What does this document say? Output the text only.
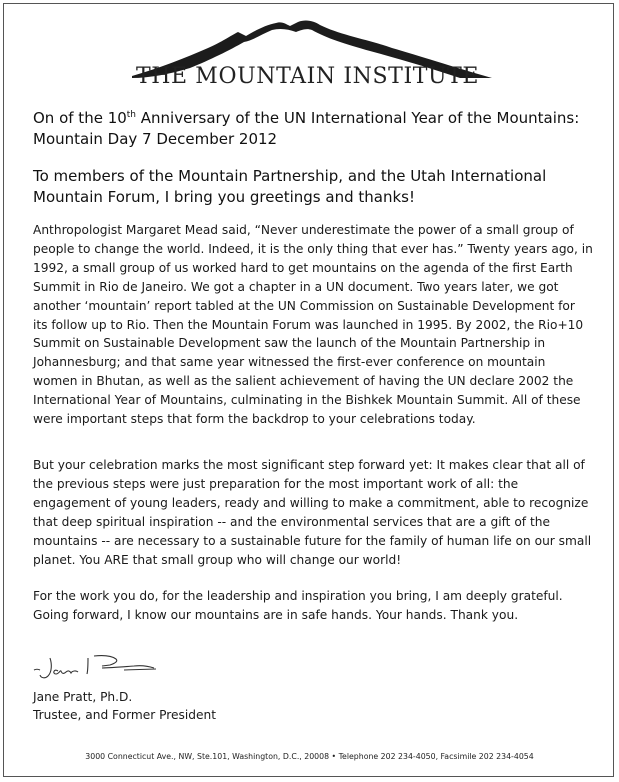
THE MOUNTAIN INSTITUTE
On of the 10th Anniversary of the UN International Year of the Mountains: Mountain Day 7 December 2012
To members of the Mountain Partnership, and the Utah International Mountain Forum, I bring you greetings and thanks!
Anthropologist Margaret Mead said, “Never underestimate the power of a small group of people to change the world. Indeed, it is the only thing that ever has.” Twenty years ago, in 1992, a small group of us worked hard to get mountains on the agenda of the first Earth Summit in Rio de Janeiro. We got a chapter in a UN document. Two years later, we got another ‘mountain’ report tabled at the UN Commission on Sustainable Development for its follow up to Rio. Then the Mountain Forum was launched in 1995. By 2002, the Rio+10 Summit on Sustainable Development saw the launch of the Mountain Partnership in Johannesburg; and that same year witnessed the first-ever conference on mountain women in Bhutan, as well as the salient achievement of having the UN declare 2002 the International Year of Mountains, culminating in the Bishkek Mountain Summit. All of these were important steps that form the backdrop to your celebrations today.
But your celebration marks the most significant step forward yet: It makes clear that all of the previous steps were just preparation for the most important work of all: the engagement of young leaders, ready and willing to make a commitment, able to recognize that deep spiritual inspiration -- and the environmental services that are a gift of the mountains -- are necessary to a sustainable future for the family of human life on our small planet. You ARE that small group who will change our world!
For the work you do, for the leadership and inspiration you bring, I am deeply grateful. Going forward, I know our mountains are in safe hands. Your hands. Thank you.
Jane Pratt, Ph.D.
Trustee, and Former President
3000 Connecticut Ave., NW, Ste.101, Washington, D.C., 20008 • Telephone 202 234-4050, Facsimile 202 234-4054
